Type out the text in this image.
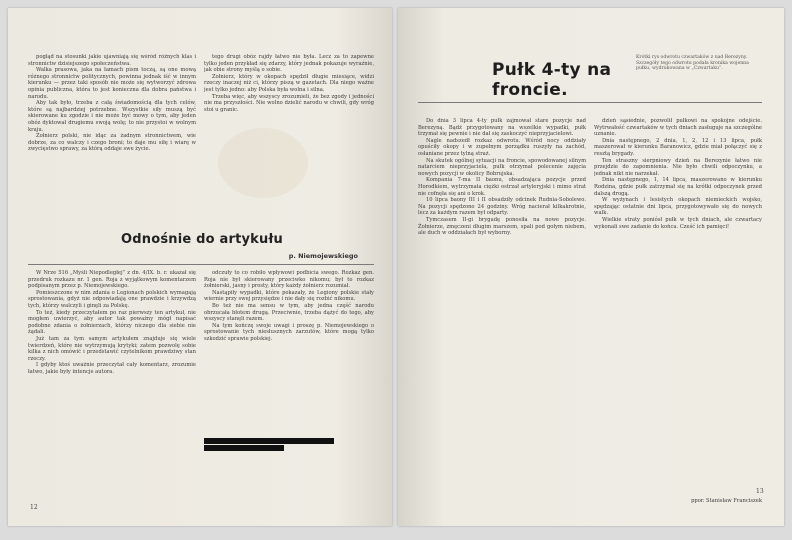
pogląd na stosunki jakie ujawniają się wśród różnych klas i stronnictw dzisiejszego społeczeństwa.

Walka prasowa, jaka na łamach pism toczą, są one mową różnego stronnictw politycznych, powinna jednak iść w innym kierunku — przez taki sposób nie może się wytworzyć zdrowa opinia publiczna, która to jest konieczna dla dobra państwa i narodu.

Aby tak było, trzeba z całą świadomością dla tych celów, które są najbardziej potrzebne. Wszystkie siły muszą być skierowane ku zgodzie i nie może być mowy o tym, aby jeden obóz dyktował drugiemu swoją wolę; to nie przystoi w wolnym kraju.

Zołnierz polski, nie idąc za żadnym stronnictwem, wie dobrze, za co walczy i czego broni; to daje mu siłę i wiarę w zwycięstwo sprawy, za którą oddaje swe życie.

tego drugi obóz rajdy łatwo nie była. Lecz za to zapewne tylko jeden przykład się zdarzy, który jednak pokazuje wyraźnie, jak obie strony myślą o sobie.

Zołnierz, który w okopach spędził długie miesiące, widzi rzeczy inaczej niż ci, którzy piszą w gazetach. Dla niego ważne jest tylko jedno: aby Polska była wolna i silna.

Trzeba więc, aby wszyscy zrozumieli, że bez zgody i jedności nie ma przyszłości. Nie wolno dzielić narodu w chwili, gdy wróg stoi u granic.

Odnośnie do artykułu
p. Niemojewskiego

W Nrze 516 „Myśli Niepodległej” z dn. 4/IX. b. r. ukazał się przedruk rozkazu nr. 1 gen. Roja z wyjątkowym komentarzem podpisanym przez p. Niemojewskiego.

Pomieszczone w nim zdania o Legionach polskich wymagają sprostowania, gdyż nie odpowiadają one prawdzie i krzywdzą tych, którzy walczyli i ginęli za Polskę.

To też, kiedy przeczytałem po raz pierwszy ten artykuł, nie mogłem uwierzyć, aby autor tak poważny mógł napisać podobne zdania o żołnierzach, którzy niczego dla siebie nie żądali.

Już tam za tym samym artykułem znajduje się wiele twierdzeń, które nie wytrzymują krytyki; zatem pozwolę sobie kilka z nich omówić i przedstawić czytelnikom prawdziwy stan rzeczy.

I gdyby ktoś uważnie przeczytał cały komentarz, zrozumie łatwo, jakie były intencje autora.

odczuły to co robiło wpływowi podbicia swego. Rozkaz gen. Roja nie był skierowany przeciwko nikomu; był to rozkaz żołnierski, jasny i prosty, który każdy żołnierz rozumiał.

Nastąpiły wypadki, które pokazały, że Legiony polskie stały wiernie przy swej przysiędze i nie dały się rozbić nikomu.

Bo też nie ma sensu w tym, aby jedna część narodu obrzucała błotem drugą. Przeciwnie, trzeba dążyć do tego, aby wszyscy stanęli razem.

Na tym kończę swoje uwagi i proszę p. Niemojewskiego o sprostowanie tych niesłusznych zarzutów, które mogą tylko szkodzić sprawie polskiej.

12
Pułk 4-ty na froncie.
Krótki rys odwrotu czwartaków z nad Berezyny. Szczegóły tego odwrotu podała kronika wojenna pułku, wydrukowana w „Czwartaku”.

Do dnia 3 lipca 4-ty pułk zajmował stare pozycje nad Berezyną. Bądź przygotowany na wszelkie wypadki, pułk trzymał się pewnie i nie dał się zaskoczyć nieprzyjacielowi.

Nagle nadszedł rozkaz odwrotu. Wśród nocy oddziały opuściły okopy i w zupełnym porządku ruszyły na zachód, osłaniane przez tylną straż.

Na skutek ogólnej sytuacji na froncie, spowodowanej silnym natarciem nieprzyjaciela, pułk otrzymał polecenie zajęcia nowych pozycji w okolicy Bobrujska.

Kompania 7-ma II baonu, obsadzająca pozycje przed Horodkiem, wytrzymała ciężki ostrzał artyleryjski i mimo strat nie cofnęła się ani o krok.

10 lipca baony III i II obsadziły odcinek Rudnia-Sobolewo. Na pozycji spędzono 24 godziny. Wróg nacierał kilkakrotnie, lecz za każdym razem był odparty.

Tymczasem II-gi brygadę ponosiła na nowe pozycje. Żołnierze, zmęczeni długim marszem, spali pod gołym niebem, ale duch w oddziałach był wyborny.

dzień sąsiednie, pozwolił pułkowi na spokojne odejście. Wytrwałość czwartaków w tych dniach zasługuje na szczególne uznanie.

Dnia następnego, 2 dnia, 1, 2, 12 i 13 lipca, pułk maszerował w kierunku Baranowicz, gdzie miał połączyć się z resztą brygady.

Ten straszny sierpniowy dzień na Berezynie łatwo nie przejdzie do zapomnienia. Nie było chwili odpoczynku, a jednak nikt nie narzekał.

Dnia następnego, 1, 14 lipca, maszerowano w kierunku Rodzina, gdzie pułk zatrzymał się na krótki odpoczynek przed dalszą drogą.

W wyżynach i lesistych okopach niemieckich wojsko, spędzając ostatnie dni lipca, przygotowywało się do nowych walk.

Wielkie straty poniósł pułk w tych dniach, ale czwartacy wykonali swe zadanie do końca. Cześć ich pamięci!

ppor. Stanisław Franciszek
13
